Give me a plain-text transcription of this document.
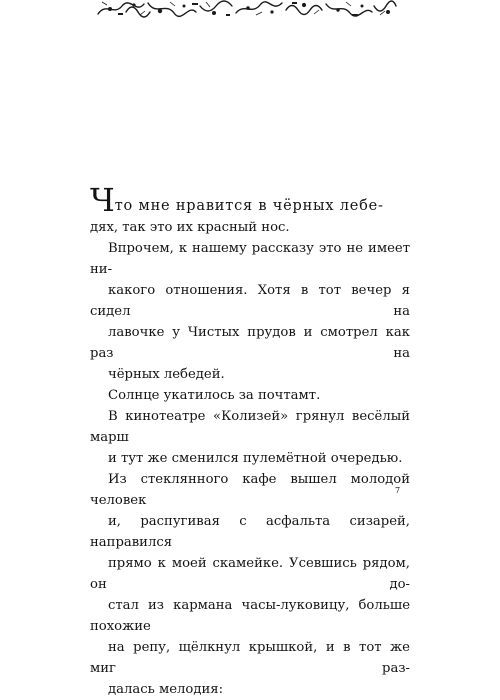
Что мне нравится в чёрных лебе-
дях, так это их красный нос.

Впрочем, к нашему рассказу это не имеет ни-
какого отношения. Хотя в тот вечер я сидел на
лавочке у Чистых прудов и смотрел как раз на
чёрных лебедей.

Солнце укатилось за почтамт.

В кинотеатре «Колизей» грянул весёлый марш
и тут же сменился пулемётной очередью.

Из стеклянного кафе вышел молодой человек
и, распугивая с асфальта сизарей, направился
прямо к моей скамейке. Усевшись рядом, он до-
стал из кармана часы-луковицу, больше похожие
на репу, щёлкнул крышкой, и в тот же миг раз-
далась мелодия:

7
